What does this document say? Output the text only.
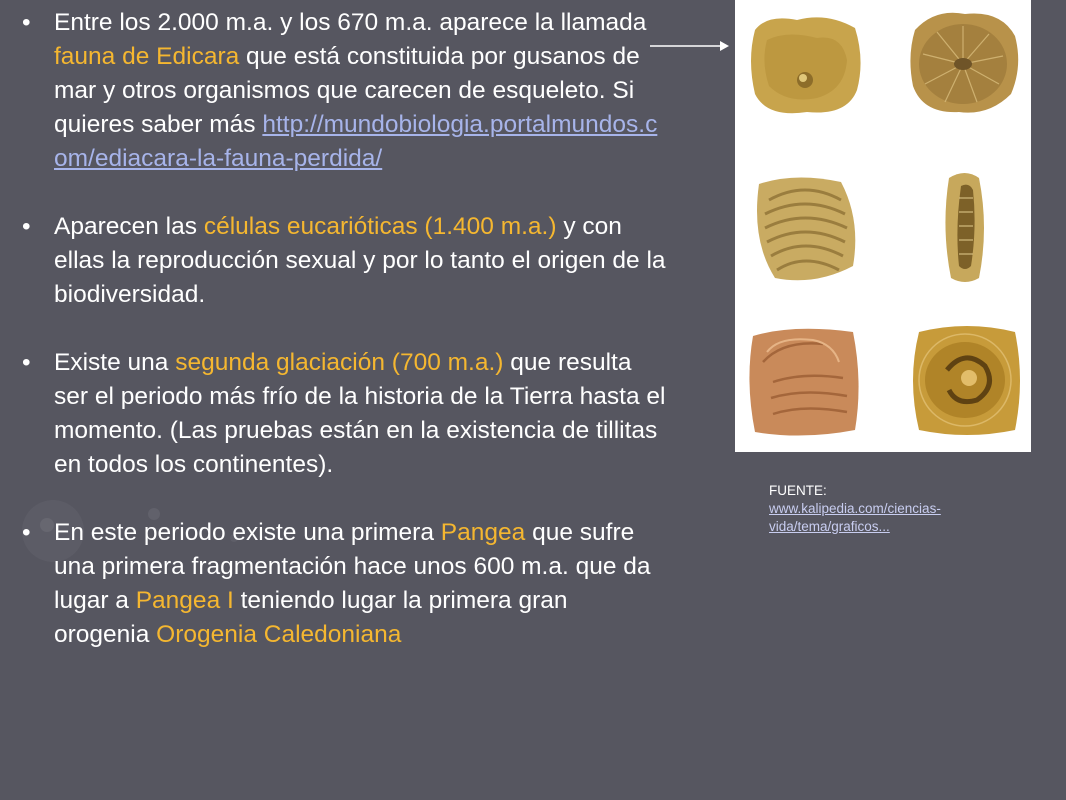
• Entre los 2.000 m.a. y los 670 m.a. aparece la llamada fauna de Edicara que está constituida por gusanos de mar y otros organismos que carecen de esqueleto. Si quieres saber más http://mundobiologia.portalmundos.com/ediacara-la-fauna-perdida/
• Aparecen las células eucarióticas (1.400 m.a.) y con ellas la reproducción sexual y por lo tanto el origen de la biodiversidad.
• Existe una segunda glaciación (700 m.a.) que resulta ser el periodo más frío de la historia de la Tierra hasta el momento. (Las pruebas están en la existencia de tillitas en todos los continentes).
• En este periodo existe una primera Pangea que sufre una primera fragmentación hace unos 600 m.a. que da lugar a Pangea I teniendo lugar la primera gran orogenia Orogenia Caledoniana
FUENTE:
www.kalipedia.com/ciencias-vida/tema/graficos...
